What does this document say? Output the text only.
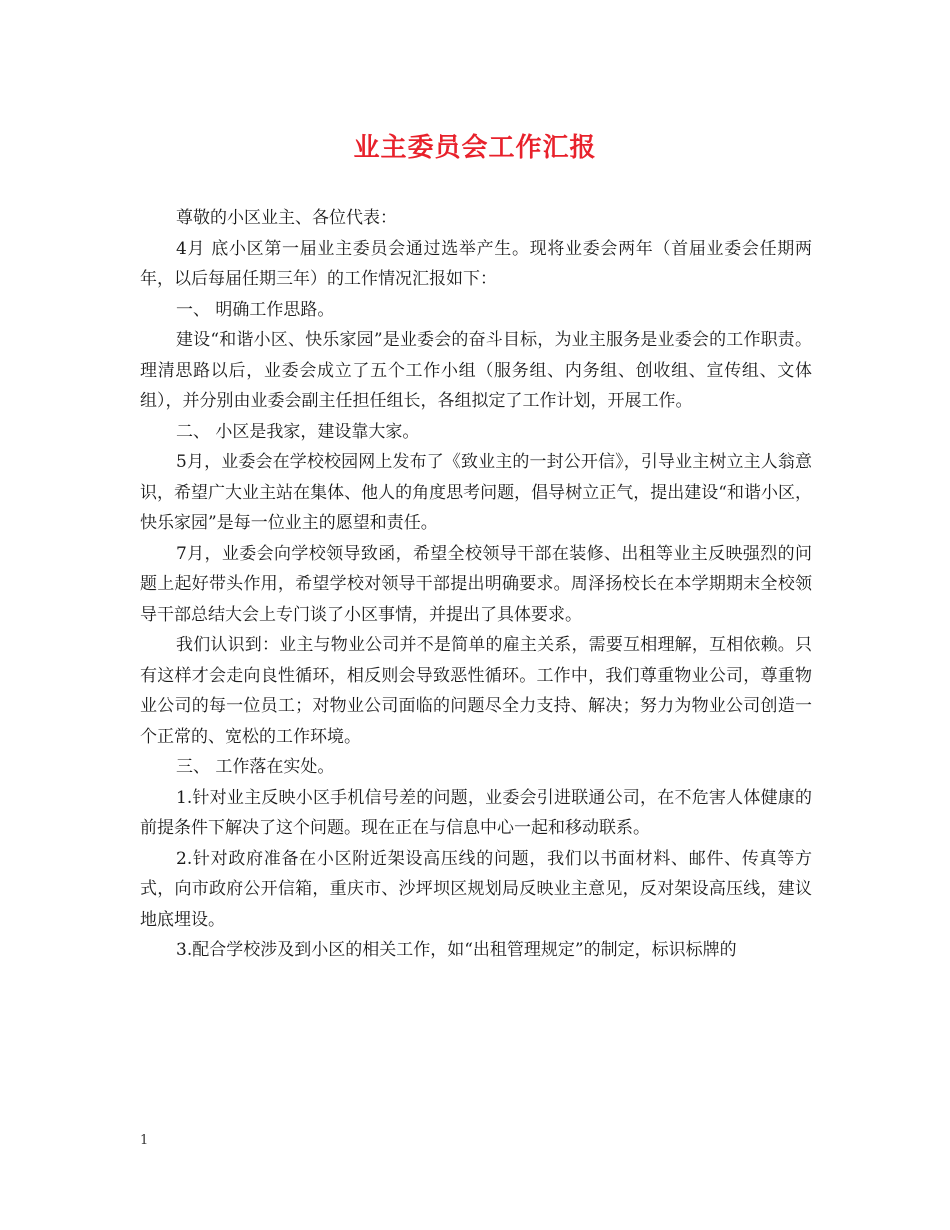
业主委员会工作汇报

尊敬的小区业主、各位代表：

4月 底小区第一届业主委员会通过选举产生。现将业委会两年（首届业委会任期两年，以后每届任期三年）的工作情况汇报如下：

一、 明确工作思路。

建设“和谐小区、快乐家园”是业委会的奋斗目标，为业主服务是业委会的工作职责。理清思路以后，业委会成立了五个工作小组（服务组、内务组、创收组、宣传组、文体组），并分别由业委会副主任担任组长，各组拟定了工作计划，开展工作。

二、 小区是我家，建设靠大家。

5月，业委会在学校校园网上发布了《致业主的一封公开信》，引导业主树立主人翁意识，希望广大业主站在集体、他人的角度思考问题，倡导树立正气，提出建设“和谐小区，快乐家园”是每一位业主的愿望和责任。

7月，业委会向学校领导致函，希望全校领导干部在装修、出租等业主反映强烈的问题上起好带头作用，希望学校对领导干部提出明确要求。周泽扬校长在本学期期末全校领导干部总结大会上专门谈了小区事情，并提出了具体要求。

我们认识到：业主与物业公司并不是简单的雇主关系，需要互相理解，互相依赖。只有这样才会走向良性循环，相反则会导致恶性循环。工作中，我们尊重物业公司，尊重物业公司的每一位员工；对物业公司面临的问题尽全力支持、解决；努力为物业公司创造一个正常的、宽松的工作环境。

三、 工作落在实处。

1.针对业主反映小区手机信号差的问题，业委会引进联通公司，在不危害人体健康的前提条件下解决了这个问题。现在正在与信息中心一起和移动联系。

2.针对政府准备在小区附近架设高压线的问题，我们以书面材料、邮件、传真等方式，向市政府公开信箱，重庆市、沙坪坝区规划局反映业主意见，反对架设高压线，建议地底埋设。

3.配合学校涉及到小区的相关工作，如“出租管理规定”的制定，标识标牌的

1
